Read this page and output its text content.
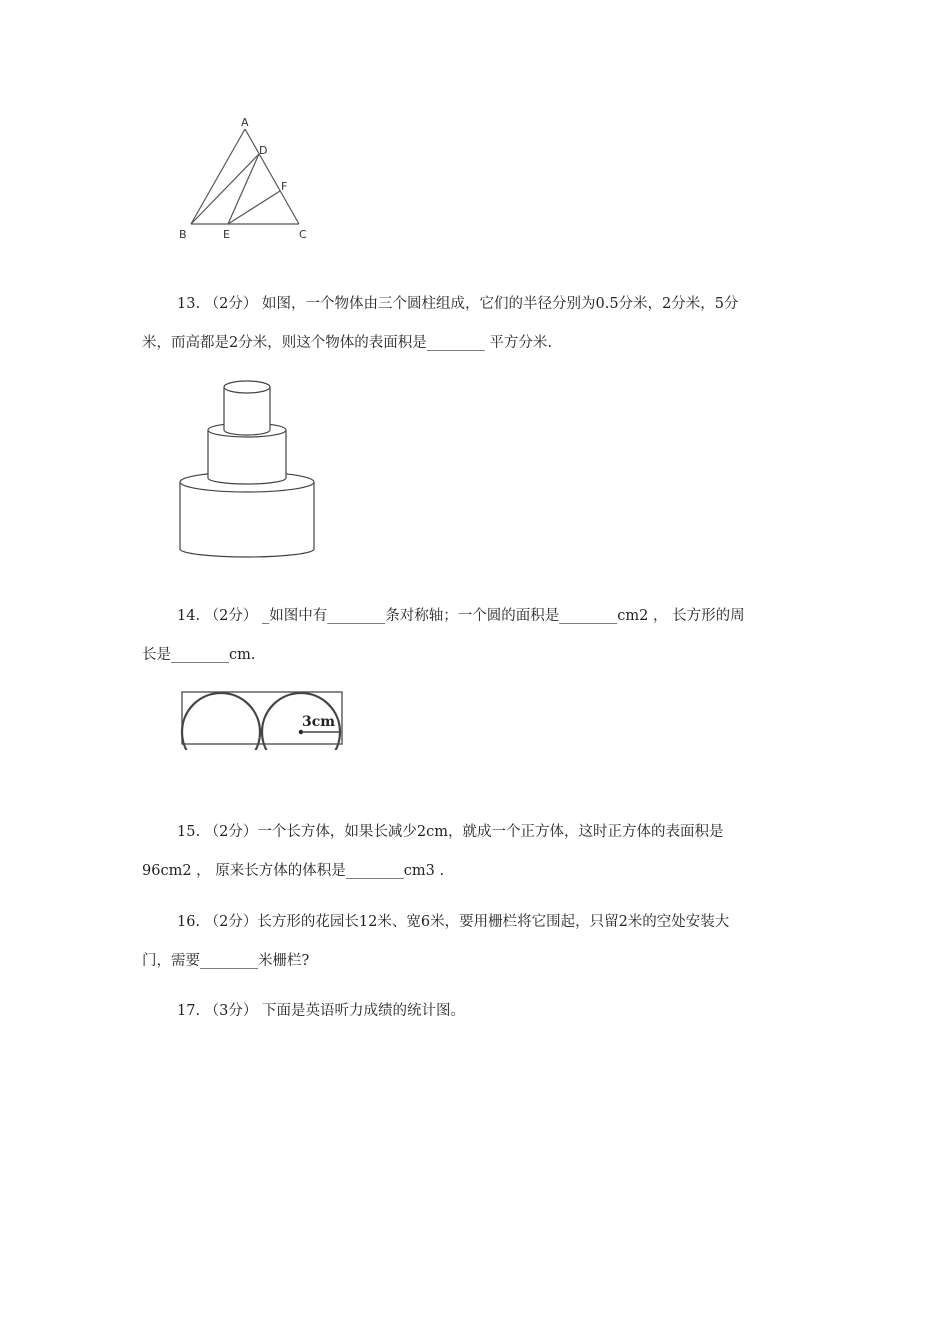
A
D
F
B	E	C
13. （2分） 如图，一个物体由三个圆柱组成，它们的半径分别为0.5分米，2分米，5分
米，而高都是2分米，则这个物体的表面积是________ 平方分米.
14. （2分） _如图中有________条对称轴；一个圆的面积是________cm2 ， 长方形的周
长是________cm.
3cm
15. （2分）一个长方体，如果长减少2cm，就成一个正方体，这时正方体的表面积是
96cm2 ， 原来长方体的体积是________cm3 .
16. （2分）长方形的花园长12米、宽6米，要用栅栏将它围起，只留2米的空处安装大
门，需要________米栅栏?
17. （3分） 下面是英语听力成绩的统计图。
